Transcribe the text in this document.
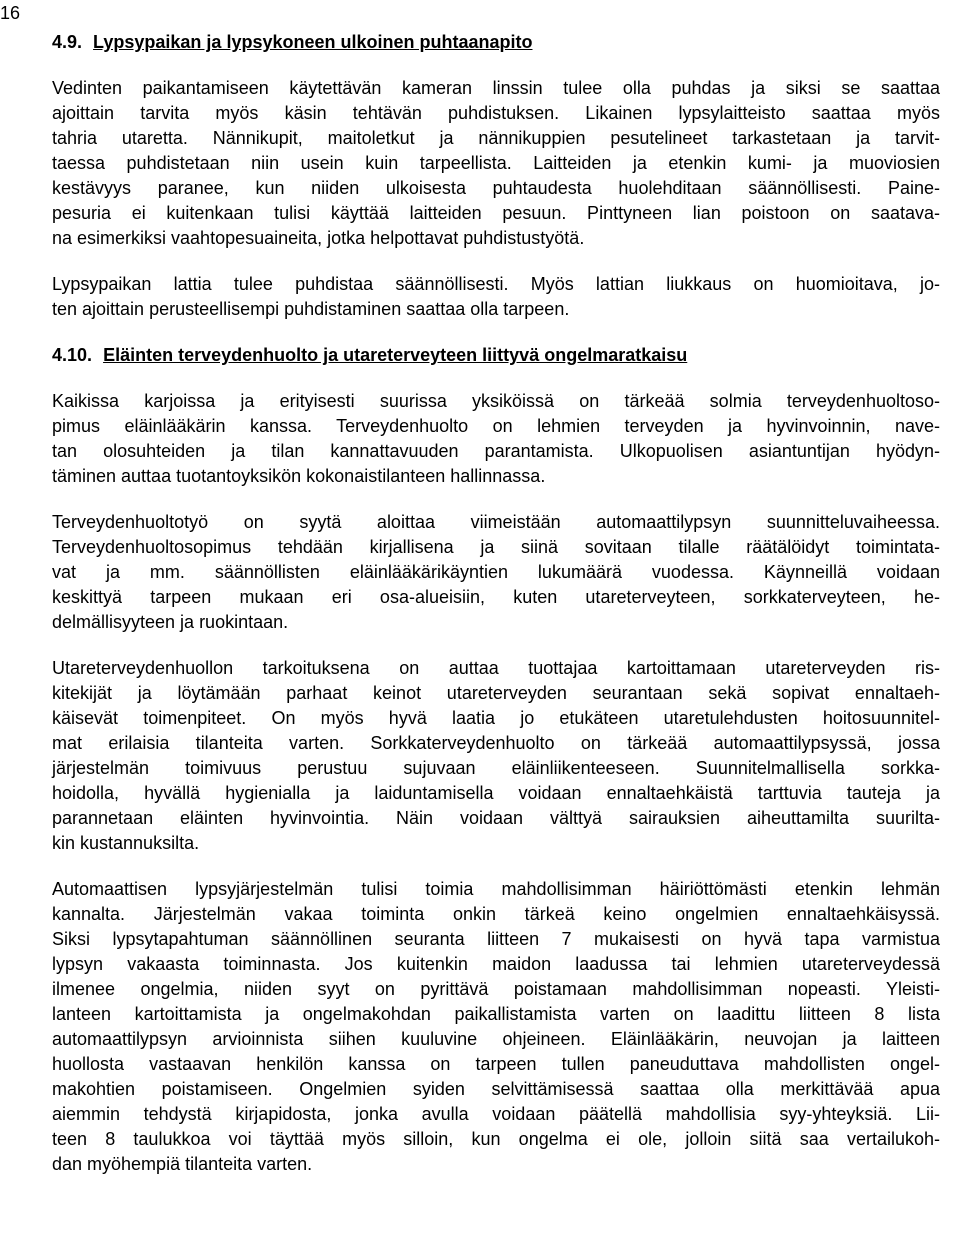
16
4.9. Lypsypaikan ja lypsykoneen ulkoinen puhtaanapito

Vedinten paikantamiseen käytettävän kameran linssin tulee olla puhdas ja siksi se saattaa
ajoittain tarvita myös käsin tehtävän puhdistuksen. Likainen lypsylaitteisto saattaa myös
tahria utaretta. Nännikupit, maitoletkut ja nännikuppien pesutelineet tarkastetaan ja tarvit-
taessa puhdistetaan niin usein kuin tarpeellista. Laitteiden ja etenkin kumi- ja muoviosien
kestävyys paranee, kun niiden ulkoisesta puhtaudesta huolehditaan säännöllisesti. Paine-
pesuria ei kuitenkaan tulisi käyttää laitteiden pesuun. Pinttyneen lian poistoon on saatava-
na esimerkiksi vaahtopesuaineita, jotka helpottavat puhdistustyötä.

Lypsypaikan lattia tulee puhdistaa säännöllisesti. Myös lattian liukkaus on huomioitava, jo-
ten ajoittain perusteellisempi puhdistaminen saattaa olla tarpeen.

4.10. Eläinten terveydenhuolto ja utareterveyteen liittyvä ongelmaratkaisu

Kaikissa karjoissa ja erityisesti suurissa yksiköissä on tärkeää solmia terveydenhuoltoso-
pimus eläinlääkärin kanssa. Terveydenhuolto on lehmien terveyden ja hyvinvoinnin, nave-
tan olosuhteiden ja tilan kannattavuuden parantamista. Ulkopuolisen asiantuntijan hyödyn-
täminen auttaa tuotantoyksikön kokonaistilanteen hallinnassa.

Terveydenhuoltotyö on syytä aloittaa viimeistään automaattilypsyn suunnitteluvaiheessa.
Terveydenhuoltosopimus tehdään kirjallisena ja siinä sovitaan tilalle räätälöidyt toimintata-
vat ja mm. säännöllisten eläinlääkärikäyntien lukumäärä vuodessa. Käynneillä voidaan
keskittyä tarpeen mukaan eri osa-alueisiin, kuten utareterveyteen, sorkkaterveyteen, he-
delmällisyyteen ja ruokintaan.

Utareterveydenhuollon tarkoituksena on auttaa tuottajaa kartoittamaan utareterveyden ris-
kitekijät ja löytämään parhaat keinot utareterveyden seurantaan sekä sopivat ennaltaeh-
käisevät toimenpiteet. On myös hyvä laatia jo etukäteen utaretulehdusten hoitosuunnitel-
mat erilaisia tilanteita varten. Sorkkaterveydenhuolto on tärkeää automaattilypsyssä, jossa
järjestelmän toimivuus perustuu sujuvaan eläinliikenteeseen. Suunnitelmallisella sorkka-
hoidolla, hyvällä hygienialla ja laiduntamisella voidaan ennaltaehkäistä tarttuvia tauteja ja
parannetaan eläinten hyvinvointia. Näin voidaan välttyä sairauksien aiheuttamilta suurilta-
kin kustannuksilta.

Automaattisen lypsyjärjestelmän tulisi toimia mahdollisimman häiriöttömästi etenkin lehmän
kannalta. Järjestelmän vakaa toiminta onkin tärkeä keino ongelmien ennaltaehkäisyssä.
Siksi lypsytapahtuman säännöllinen seuranta liitteen 7 mukaisesti on hyvä tapa varmistua
lypsyn vakaasta toiminnasta. Jos kuitenkin maidon laadussa tai lehmien utareterveydessä
ilmenee ongelmia, niiden syyt on pyrittävä poistamaan mahdollisimman nopeasti. Yleisti-
lanteen kartoittamista ja ongelmakohdan paikallistamista varten on laadittu liitteen 8 lista
automaattilypsyn arvioinnista siihen kuuluvine ohjeineen. Eläinlääkärin, neuvojan ja laitteen
huollosta vastaavan henkilön kanssa on tarpeen tullen paneuduttava mahdollisten ongel-
makohtien poistamiseen. Ongelmien syiden selvittämisessä saattaa olla merkittävää apua
aiemmin tehdystä kirjapidosta, jonka avulla voidaan päätellä mahdollisia syy-yhteyksiä. Lii-
teen 8 taulukkoa voi täyttää myös silloin, kun ongelma ei ole, jolloin siitä saa vertailukoh-
dan myöhempiä tilanteita varten.
